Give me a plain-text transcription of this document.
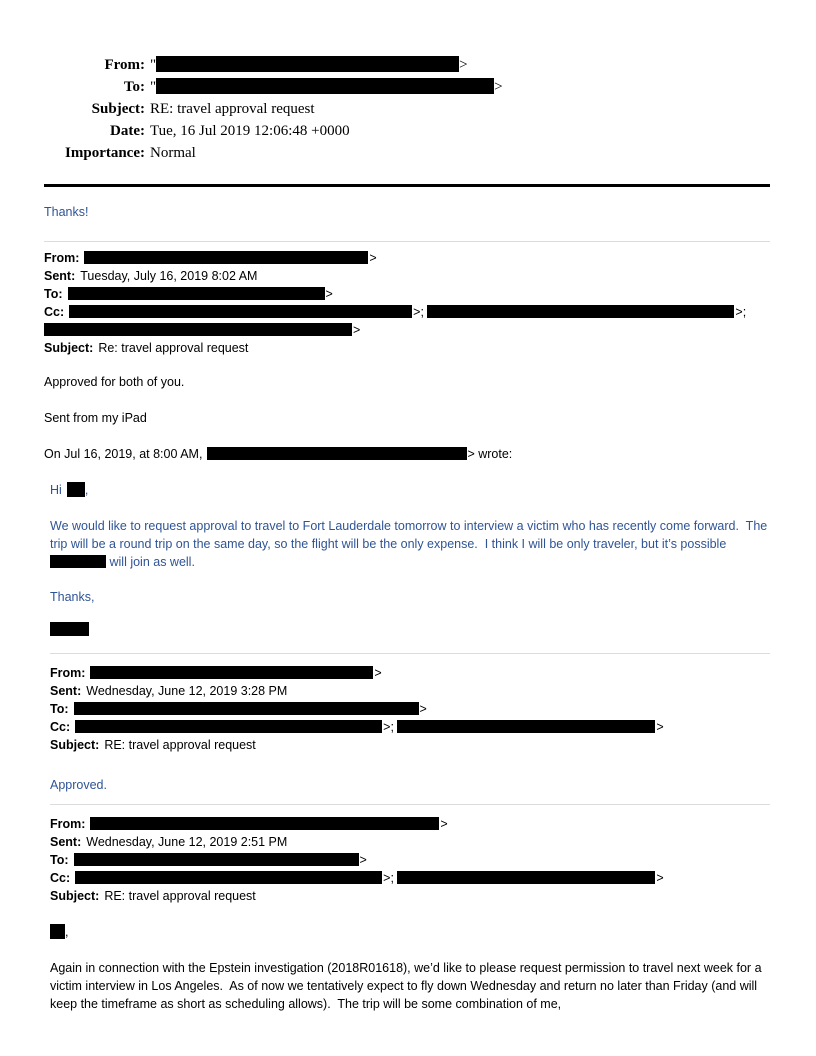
From: "	>
To: "	>
Subject: RE: travel approval request
Date: Tue, 16 Jul 2019 12:06:48 +0000
Importance: Normal

Thanks!

From:	>

Sent: Tuesday, July 16, 2019 8:02 AM

To:	>

Cc:	>;	>;
>

Subject: Re: travel approval request

Approved for both of you.

Sent from my iPad

On Jul 16, 2019, at 8:00 AM,	> wrote:

Hi ,

We would like to request approval to travel to Fort Lauderdale tomorrow to interview a victim who has recently come forward.  The trip will be a round trip on the same day, so the flight will be the only expense.  I think I will be only traveler, but it’s possible  will join as well.

Thanks,

From:	>

Sent: Wednesday, June 12, 2019 3:28 PM

To:	>

Cc:	>;	>

Subject: RE: travel approval request

Approved.

From:	>

Sent: Wednesday, June 12, 2019 2:51 PM

To:	>

Cc:	>;	>

Subject: RE: travel approval request

,

Again in connection with the Epstein investigation (2018R01618), we’d like to please request permission to travel next week for a victim interview in Los Angeles.  As of now we tentatively expect to fly down Wednesday and return no later than Friday (and will keep the timeframe as short as scheduling allows).  The trip will be some combination of me,
